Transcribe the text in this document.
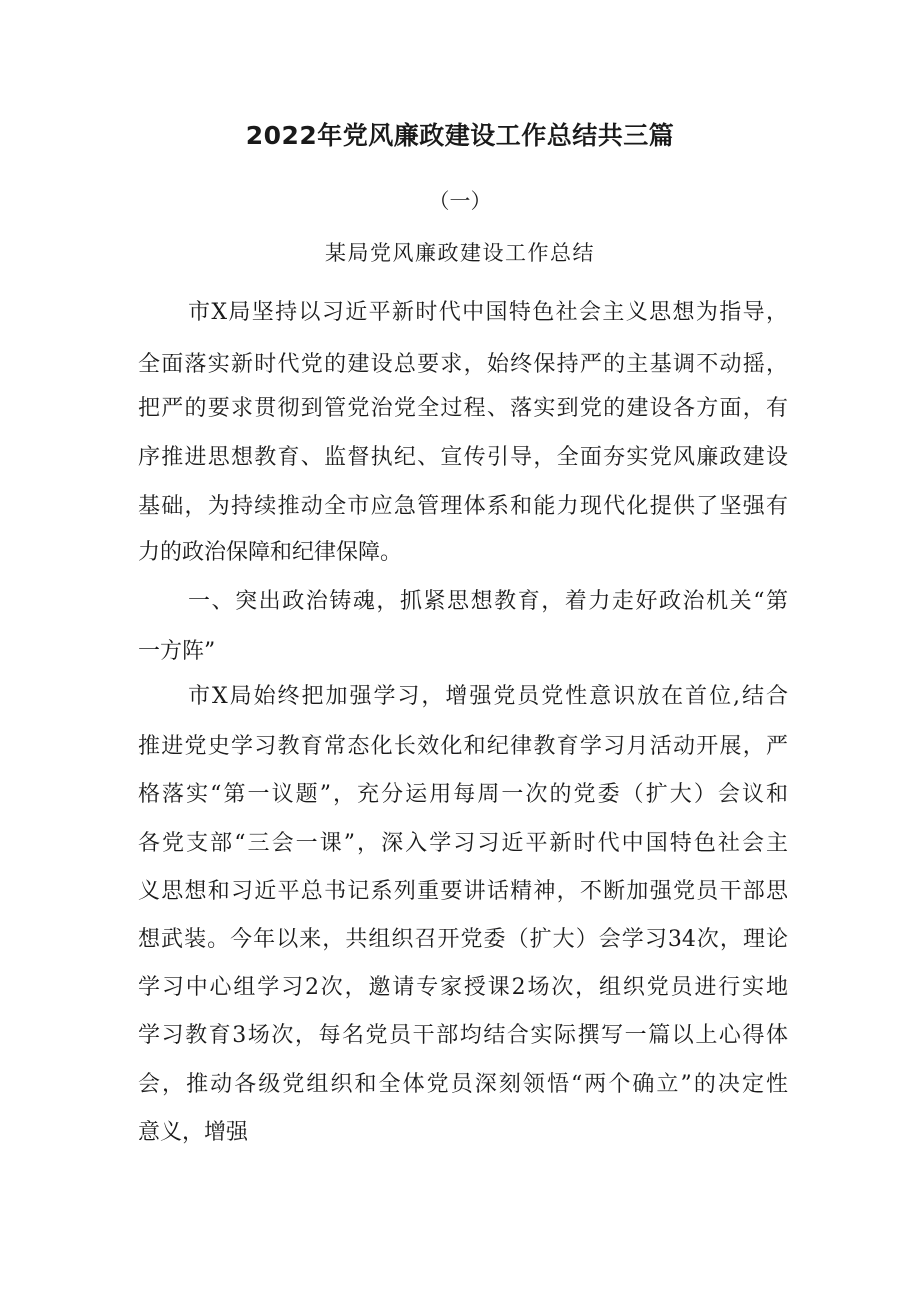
2022年党风廉政建设工作总结共三篇
（一）
某局党风廉政建设工作总结
市X局坚持以习近平新时代中国特色社会主义思想为指导，
全面落实新时代党的建设总要求，始终保持严的主基调不动摇，
把严的要求贯彻到管党治党全过程、落实到党的建设各方面，有
序推进思想教育、监督执纪、宣传引导，全面夯实党风廉政建设
基础，为持续推动全市应急管理体系和能力现代化提供了坚强有
力的政治保障和纪律保障。
一、突出政治铸魂，抓紧思想教育，着力走好政治机关“第
一方阵”
市X局始终把加强学习，增强党员党性意识放在首位,结合
推进党史学习教育常态化长效化和纪律教育学习月活动开展，严
格落实“第一议题”，充分运用每周一次的党委（扩大）会议和
各党支部“三会一课”，深入学习习近平新时代中国特色社会主
义思想和习近平总书记系列重要讲话精神，不断加强党员干部思
想武装。今年以来，共组织召开党委（扩大）会学习34次，理论
学习中心组学习2次，邀请专家授课2场次，组织党员进行实地
学习教育3场次，每名党员干部均结合实际撰写一篇以上心得体
会，推动各级党组织和全体党员深刻领悟“两个确立”的决定性
意义，增强
